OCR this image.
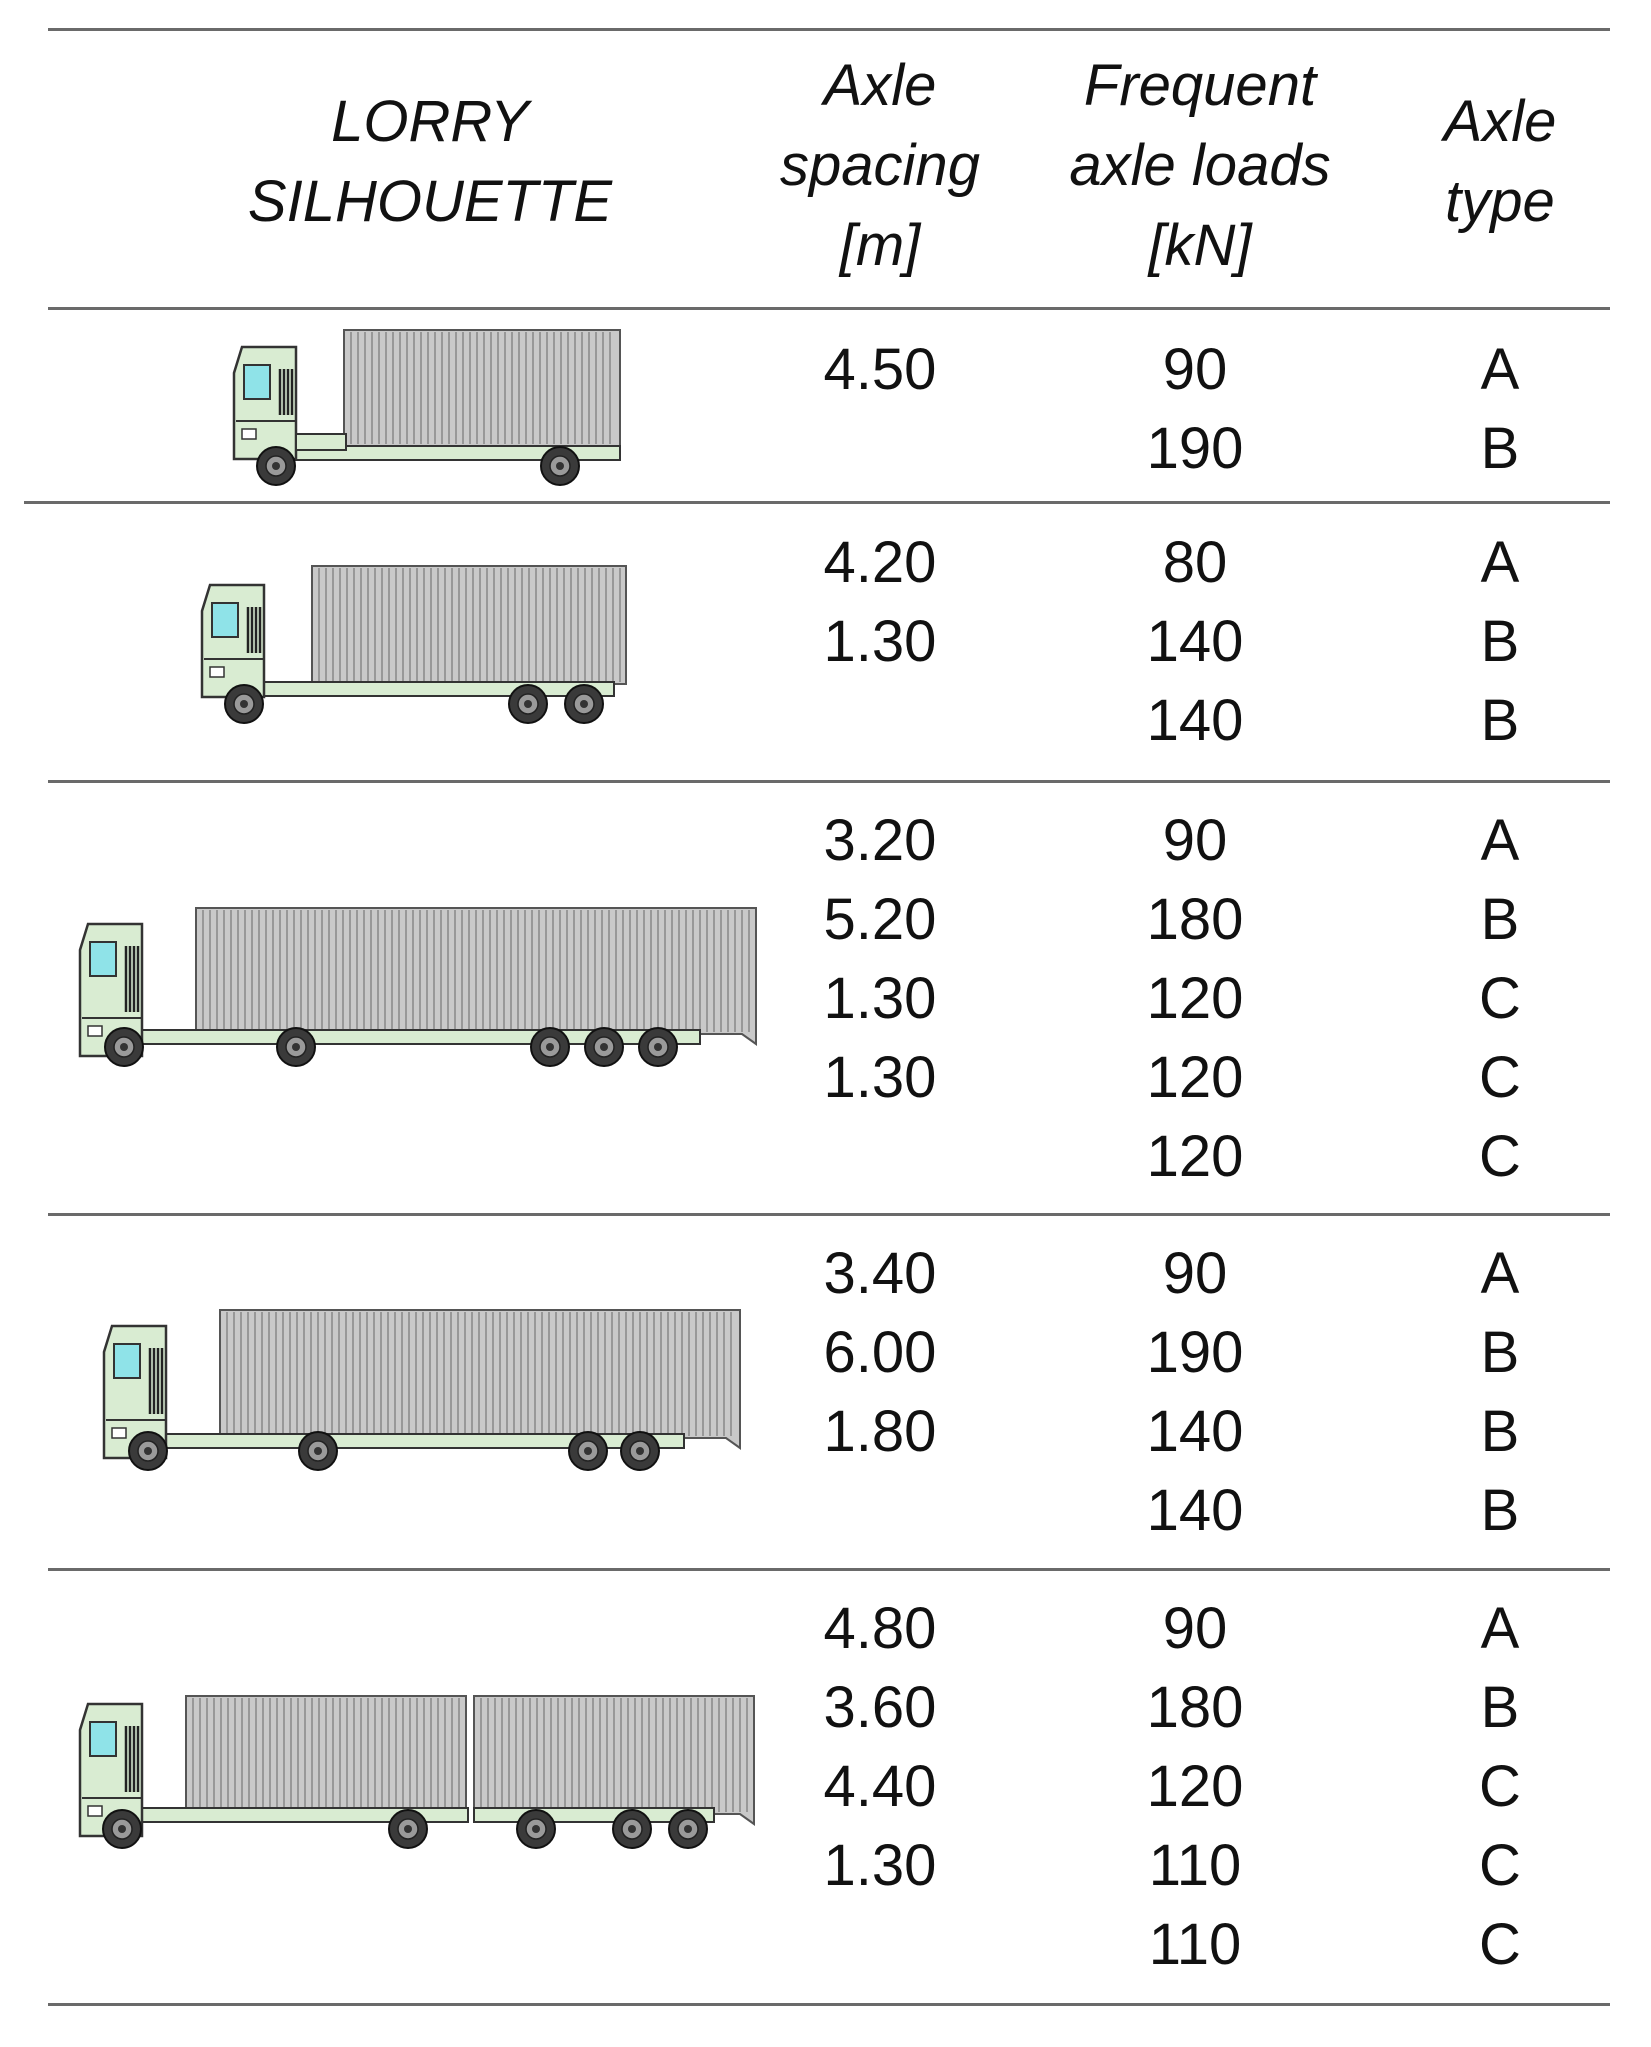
LORRY
SILHOUETTE
Axle
spacing
[m]
Frequent
axle loads
[kN]
Axle
type
4.50	90
190
A
B
4.20
1.30
80
140
140
A
B
B
3.20
5.20
1.30
1.30
90
180
120
120
120
A
B
C
C
C
3.40
6.00
1.80
90
190
140
140
A
B
B
B
4.80
3.60
4.40
1.30
90
180
120
110
110
A
B
C
C
C
